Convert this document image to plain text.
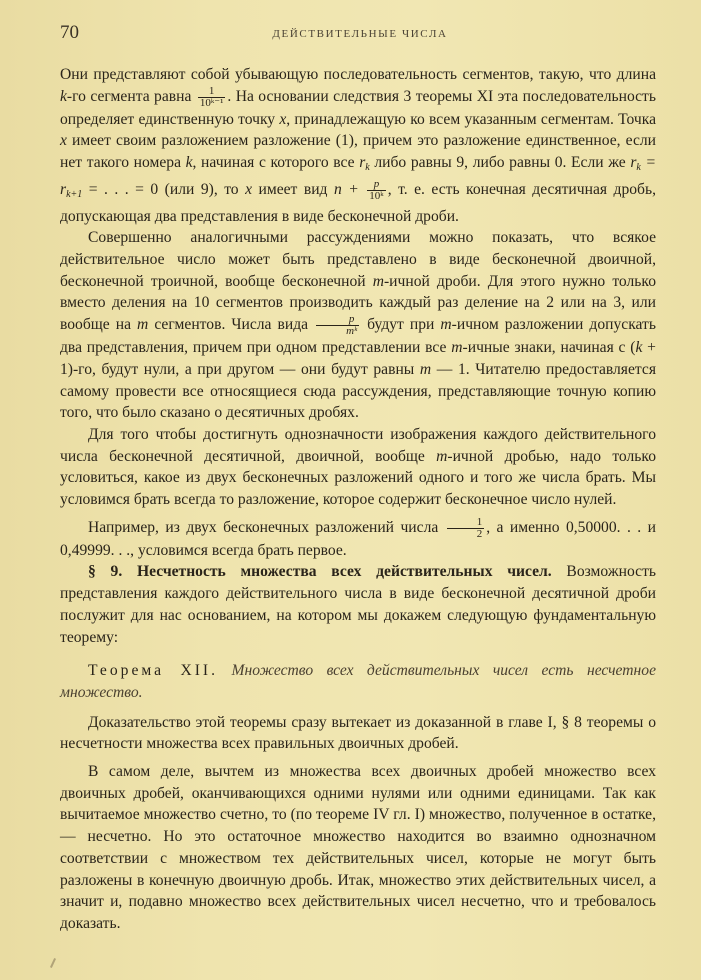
70	ДЕЙСТВИТЕЛЬНЫЕ ЧИСЛА

Они представляют собой убывающую последовательность сегментов, такую, что длина k-го сегмента равна $\frac{1}{\text{10ᵏ⁻¹}}$ . На основании следствия 3 теоремы XI эта последовательность определяет единственную точку x, принадлежащую ко всем указанным сегментам. Точка x имеет своим разложением разложение (1), причем это разложение единственное, если нет такого номера k, начиная с которого все $r_k$ либо равны 9, либо равны 0. Если же $r_k = r_{k+1}$ = . . . = 0 (или 9), то x имеет вид $n + \frac{p}{\text{10ᵏ}}$ , т. е. есть конечная десятичная дробь, допускающая два представления в виде бесконечной дроби.

Совершенно аналогичными рассуждениями можно показать, что всякое действительное число может быть представлено в виде бесконечной двоичной, бесконечной троичной, вообще бесконечной m-ичной дроби. Для этого нужно только вместо деления на 10 сегментов производить каждый раз деление на 2 или на 3, или вообще на m сегментов. Числа вида $\frac{p}{\text{mᵏ}}$ будут при m-ичном разложении допускать два представления, причем при одном представлении все m-ичные знаки, начиная с (k + 1)-го, будут нули, а при другом — они будут равны m — 1. Читателю предоставляется самому провести все относящиеся сюда рассуждения, представляющие точную копию того, что было сказано о десятичных дробях.

Для того чтобы достигнуть однозначности изображения каждого действительного числа бесконечной десятичной, двоичной, вообще m-ичной дробью, надо только условиться, какое из двух бесконечных разложений одного и того же числа брать. Мы условимся брать всегда то разложение, которое содержит бесконечное число нулей.

Например, из двух бесконечных разложений числа $\frac{1}{2}$ , а именно 0,50000. . . и 0,49999. . ., условимся всегда брать первое.

§ 9. Несчетность множества всех действительных чисел. Возможность представления каждого действительного числа в виде бесконечной десятичной дроби послужит для нас основанием, на котором мы докажем следующую фундаментальную теорему:

Теорема XII. Множество всех действительных чисел есть несчетное множество.

Доказательство этой теоремы сразу вытекает из доказанной в главе I, § 8 теоремы о несчетности множества всех правильных двоичных дробей.

В самом деле, вычтем из множества всех двоичных дробей множество всех двоичных дробей, оканчивающихся одними нулями или одними единицами. Так как вычитаемое множество счетно, то (по теореме IV гл. I) множество, полученное в остатке, — несчетно. Но это остаточное множество находится во взаимно однозначном соответствии с множеством тех действительных чисел, которые не могут быть разложены в конечную двоичную дробь. Итак, множество этих действительных чисел, а значит и, подавно множество всех действительных чисел несчетно, что и требовалось доказать.
